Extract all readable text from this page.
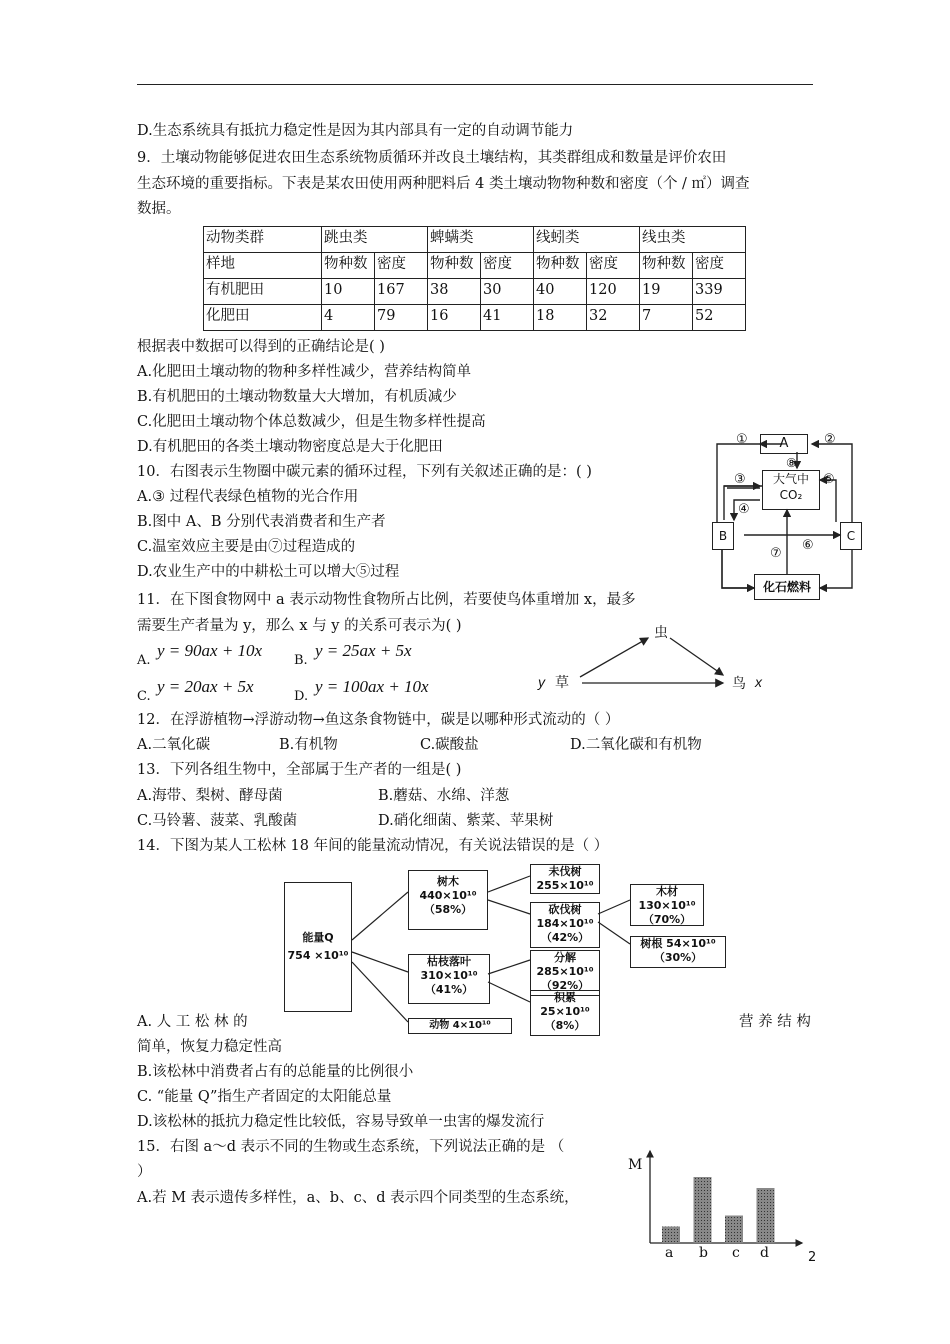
D.生态系统具有抵抗力稳定性是因为其内部具有一定的自动调节能力
9．土壤动物能够促进农田生态系统物质循环并改良土壤结构，其类群组成和数量是评价农田
生态环境的重要指标。下表是某农田使用两种肥料后 4 类土壤动物物种数和密度（个 / ㎡）调查
数据。
动物类群	跳虫类		蜱螨类		线蚓类		线虫类	
样地	物种数	密度	物种数	密度	物种数	密度	物种数	密度
有机肥田	10	167	38	30	40	120	19	339
化肥田	4	79	16	41	18	32	7	52
根据表中数据可以得到的正确结论是( )
A.化肥田土壤动物的物种多样性减少，营养结构简单
B.有机肥田的土壤动物数量大大增加，有机质减少
C.化肥田土壤动物个体总数减少，但是生物多样性提高
D.有机肥田的各类土壤动物密度总是大于化肥田
10．右图表示生物圈中碳元素的循环过程，下列有关叙述正确的是：( )
A.③ 过程代表绿色植物的光合作用
B.图中 A、B 分别代表消费者和生产者
C.温室效应主要是由⑦过程造成的
D.农业生产中的中耕松土可以增大⑤过程
A
大气中
CO₂
B	C
化石燃料
①	②
③
④
⑤
⑥
⑦
⑧
11．在下图食物网中 a 表示动物性食物所占比例，若要使鸟体重增加 x，最多
需要生产者量为 y，那么 x 与 y 的关系可表示为( )
A.
y = 90ax + 10x
B.
y = 25ax + 5x
C.
y = 20ax + 5x
D.
y = 100ax + 10x
虫
y 草	鸟 x
12．在浮游植物→浮游动物→鱼这条食物链中，碳是以哪种形式流动的（ ）
A.二氧化碳	B.有机物	C.碳酸盐	D.二氧化碳和有机物
13．下列各组生物中，全部属于生产者的一组是( )
A.海带、梨树、酵母菌	B.蘑菇、水绵、洋葱
C.马铃薯、菠菜、乳酸菌	D.硝化细菌、紫菜、苹果树
14．下图为某人工松林 18 年间的能量流动情况，有关说法错误的是（ ）
能量Q
754 ×10¹⁰
树木
440×10¹⁰
（58%）
枯枝落叶
310×10¹⁰
（41%）
动物 4×10¹⁰
未伐树
255×10¹⁰
砍伐树
184×10¹⁰
（42%）
分解
285×10¹⁰
（92%）
积累
25×10¹⁰
（8%）
木材
130×10¹⁰
（70%）
树根 54×10¹⁰
（30%）
A. 人 工 松 林 的	营 养 结 构
简单，恢复力稳定性高
B.该松林中消费者占有的总能量的比例很小
C. “能量 Q”指生产者固定的太阳能总量
D.该松林的抵抗力稳定性比较低，容易导致单一虫害的爆发流行
15．右图 a～d 表示不同的生物或生态系统，下列说法正确的是 （
）
A.若 M 表示遗传多样性，a、b、c、d 表示四个同类型的生态系统，
M
a b c d	2
